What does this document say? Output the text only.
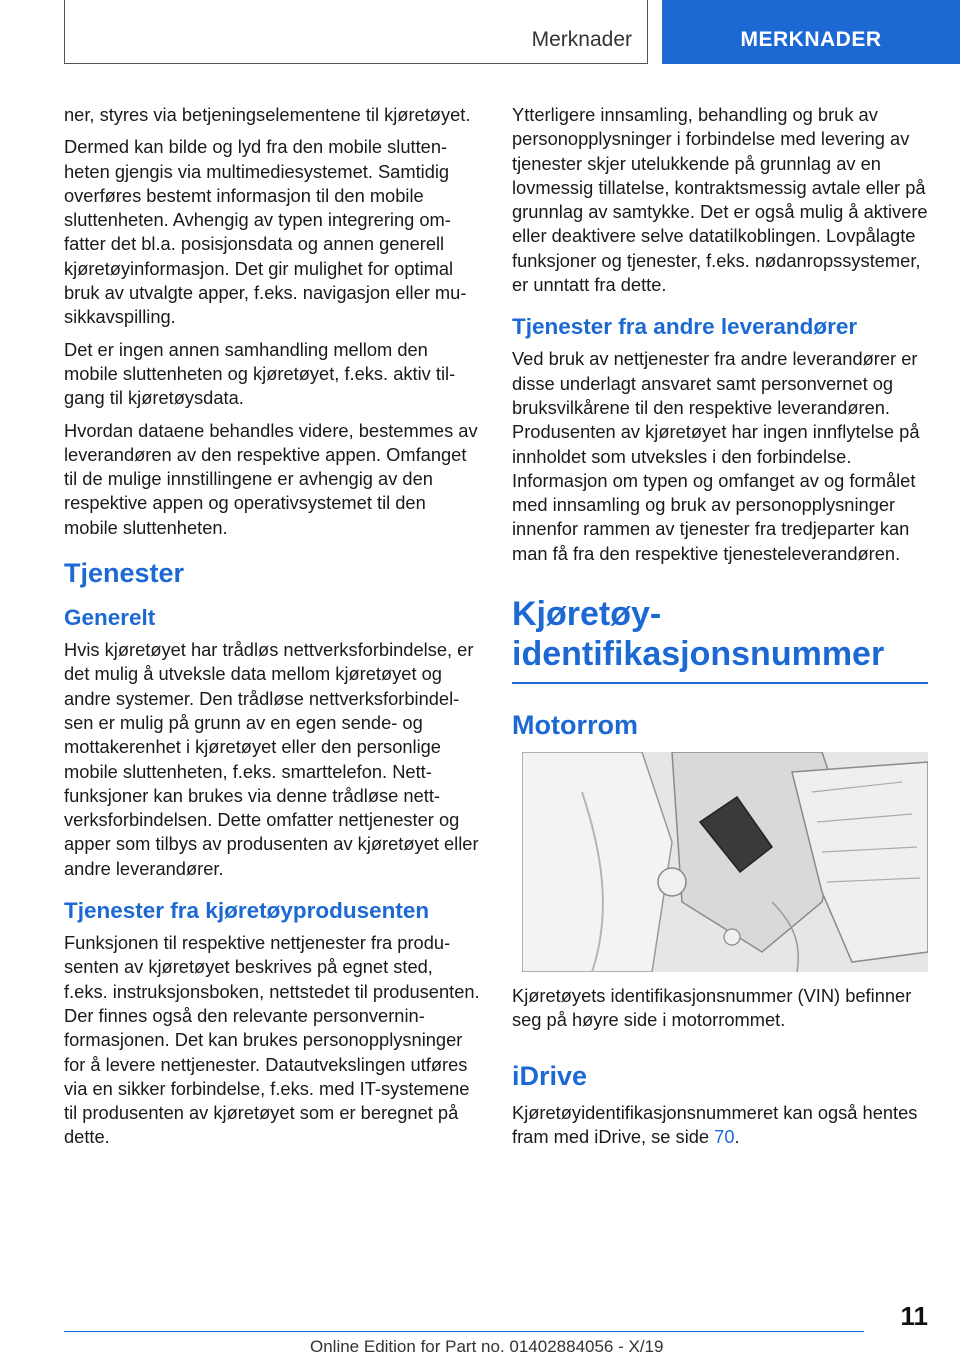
Merknader	MERKNADER

ner, styres via betjeningselementene til kjøretøyet.

Dermed kan bilde og lyd fra den mobile sluttenheten gjengis via multimediesystemet. Samtidig overføres bestemt informasjon til den mobile sluttenheten. Avhengig av typen integrering omfatter det bl.a. posisjonsdata og annen generell kjøretøyinformasjon. Det gir mulighet for optimal bruk av utvalgte apper, f.eks. navigasjon eller musikkavspilling.

Det er ingen annen samhandling mellom den mobile sluttenheten og kjøretøyet, f.eks. aktiv tilgang til kjøretøysdata.

Hvordan dataene behandles videre, bestemmes av leverandøren av den respektive appen. Omfanget til de mulige innstillingene er avhengig av den respektive appen og operativsystemet til den mobile sluttenheten.

Tjenester
Generelt

Hvis kjøretøyet har trådløs nettverksforbindelse, er det mulig å utveksle data mellom kjøretøyet og andre systemer. Den trådløse nettverksforbindelsen er mulig på grunn av en egen sende- og mottakerenhet i kjøretøyet eller den personlige mobile sluttenheten, f.eks. smarttelefon. Nettfunksjoner kan brukes via denne trådløse nettverksforbindelsen. Dette omfatter nettjenester og apper som tilbys av produsenten av kjøretøyet eller andre leverandører.

Tjenester fra kjøretøyprodusenten

Funksjonen til respektive nettjenester fra produsenten av kjøretøyet beskrives på egnet sted, f.eks. instruksjonsboken, nettstedet til produsenten. Der finnes også den relevante personverninformasjonen. Det kan brukes personopplysninger for å levere nettjenester. Datautvekslingen utføres via en sikker forbindelse, f.eks. med IT-systemene til produsenten av kjøretøyet som er beregnet på dette.

Ytterligere innsamling, behandling og bruk av personopplysninger i forbindelse med levering av tjenester skjer utelukkende på grunnlag av en lovmessig tillatelse, kontraktsmessig avtale eller på grunnlag av samtykke. Det er også mulig å aktivere eller deaktivere selve datatilkoblingen. Lovpålagte funksjoner og tjenester, f.eks. nødanropssystemer, er unntatt fra dette.

Tjenester fra andre leverandører

Ved bruk av nettjenester fra andre leverandører er disse underlagt ansvaret samt personvernet og bruksvilkårene til den respektive leverandøren. Produsenten av kjøretøyet har ingen innflytelse på innholdet som utveksles i den forbindelse. Informasjon om typen og omfanget av og formålet med innsamling og bruk av personopplysninger innenfor rammen av tjenester fra tredjeparter kan man få fra den respektive tjenesteleverandøren.

Kjøretøy-identifikasjonsnummer
Motorrom

Kjøretøyets identifikasjonsnummer (VIN) befinner seg på høyre side i motorrommet.

iDrive

Kjøretøyidentifikasjonsnummeret kan også hentes fram med iDrive, se side 70.

11
Online Edition for Part no. 01402884056 - X/19
